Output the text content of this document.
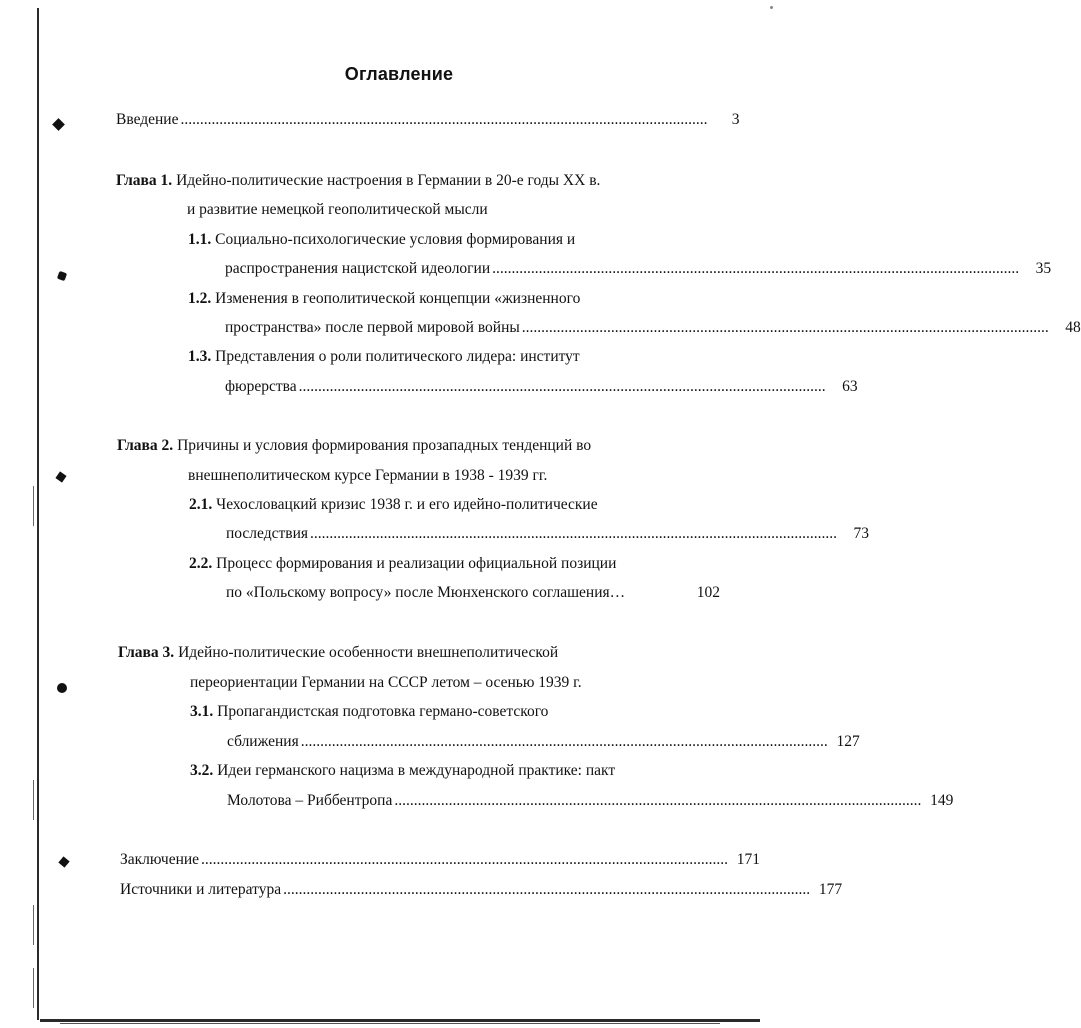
Оглавление
Введение ........................................................................................................................................	3
Глава 1. Идейно-политические настроения в Германии в 20-е годы XX в.
и развитие немецкой геополитической мысли
1.1. Социально-психологические условия формирования и
распространения нацистской идеологии ........................................................................................................................................	35
1.2. Изменения в геополитической концепции «жизненного
пространства» после первой мировой войны ........................................................................................................................................	48
1.3. Представления о роли политического лидера: институт
фюрерства ........................................................................................................................................	63
Глава 2. Причины и условия формирования прозападных тенденций во
внешнеполитическом курсе Германии в 1938 - 1939 гг.
2.1. Чехословацкий кризис 1938 г. и его идейно-политические
последствия ........................................................................................................................................	73
2.2. Процесс формирования и реализации официальной позиции
по «Польскому вопросу» после Мюнхенского соглашения…	102
Глава 3. Идейно-политические особенности внешнеполитической
переориентации Германии на СССР летом – осенью 1939 г.
3.1. Пропагандистская подготовка германо-советского
сближения ........................................................................................................................................ 127
3.2. Идеи германского нацизма в международной практике: пакт
Молотова – Риббентропа ........................................................................................................................................ 149
Заключение ........................................................................................................................................ 171
Источники и литература ........................................................................................................................................ 177
